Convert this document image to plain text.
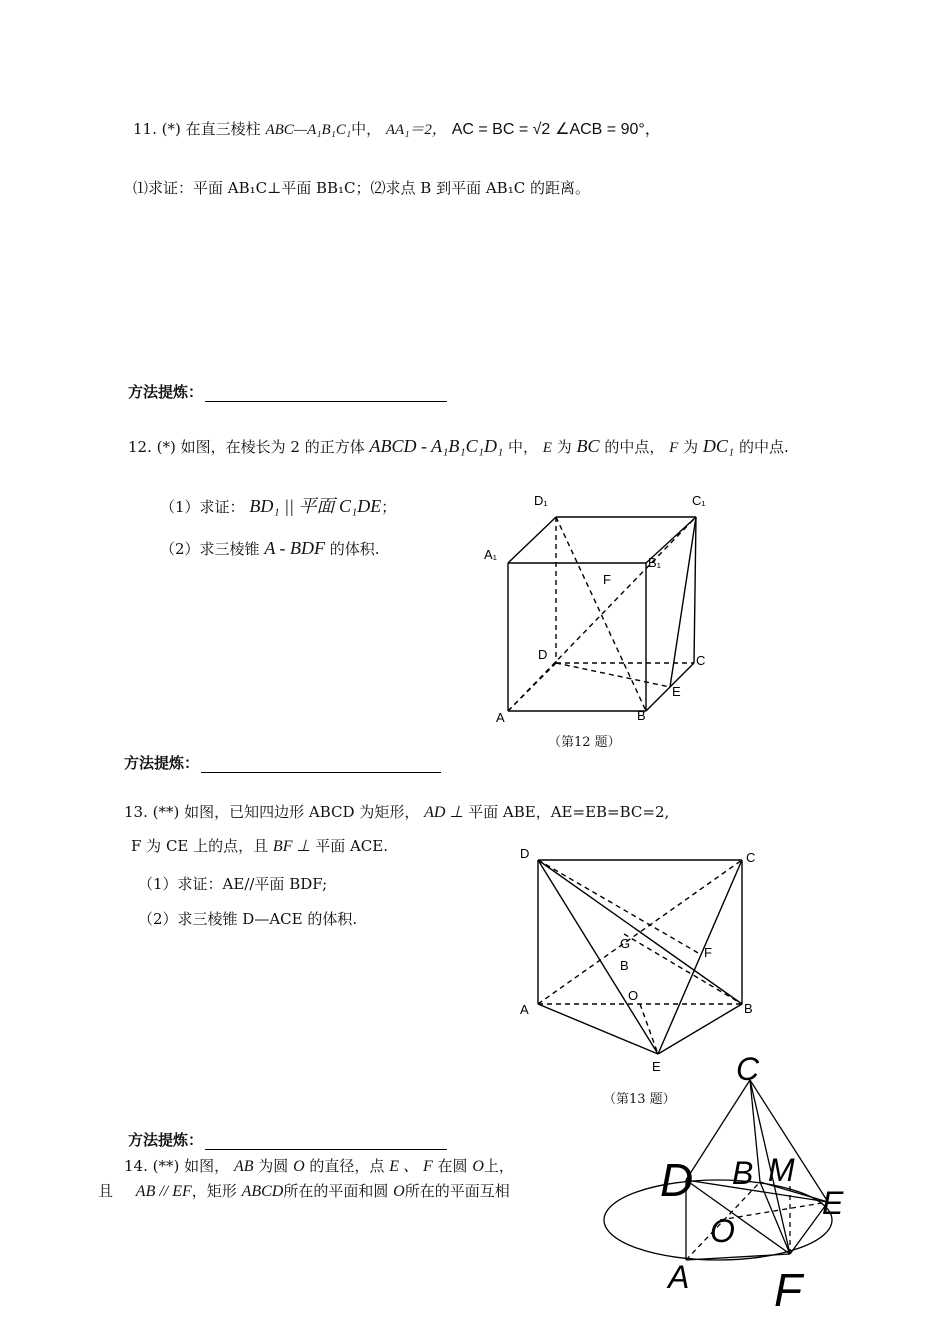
11. (*) 在直三棱柱 ABC—A₁B₁C₁中， AA₁＝2， AC = BC = √2 ∠ACB = 90°，
⑴求证：平面 AB₁C⊥平面 BB₁C；⑵求点 B 到平面 AB₁C 的距离。
方法提炼：
12. (*) 如图，在棱长为 2 的正方体 ABCD - A₁B₁C₁D₁ 中， E 为 BC 的中点， F 为 DC₁ 的中点.
（1）求证： BD₁ || 平面 C₁DE；
（2）求三棱锥 A - BDF 的体积.
D₁	C₁
A₁
B₁
F
D	C
E
A	B
（第12 题）
方法提炼：
13. (**) 如图，已知四边形 ABCD 为矩形， AD ⊥ 平面 ABE，AE=EB=BC=2,
F 为 CE 上的点，且 BF ⊥ 平面 ACE.
（1）求证：AE//平面 BDF;
（2）求三棱锥 D—ACE 的体积.
D	C
G
B
F
O
A	B
E
（第13 题）
方法提炼：
14. (**) 如图， AB 为圆 O 的直径，点 E 、 F 在圆 O上，
且 AB // EF，矩形 ABCD所在的平面和圆 O所在的平面互相
C
D B M
E
O
A F
